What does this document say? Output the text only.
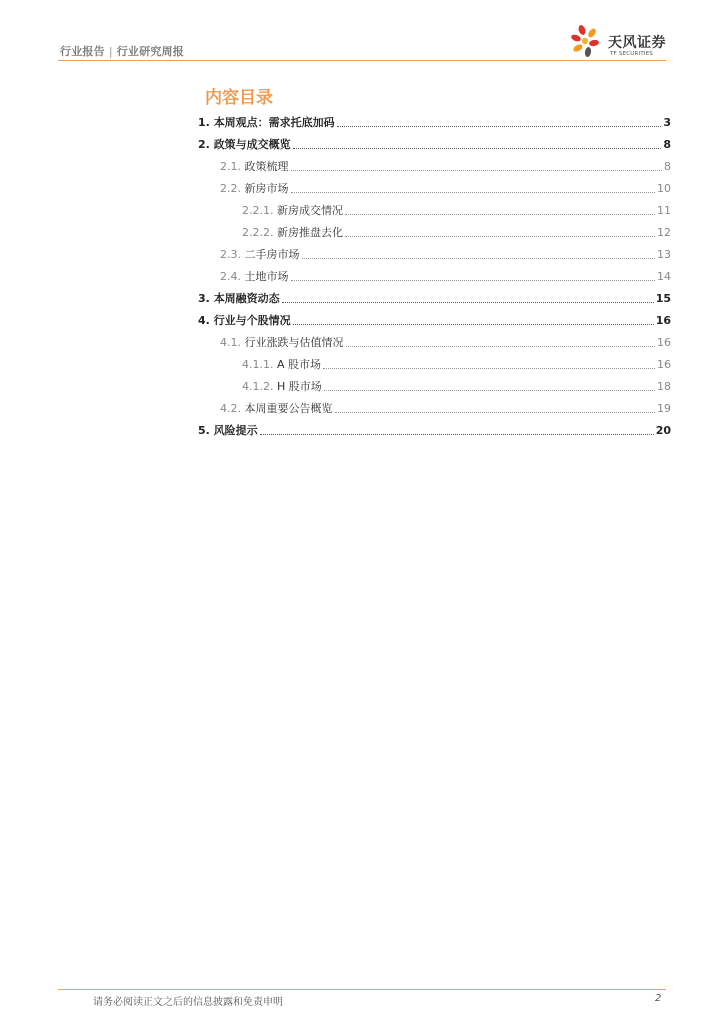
行业报告 | 行业研究周报
天风证券
TF SECURITIES
内容目录
1. 本周观点：需求托底加码	3
2. 政策与成交概览	8
2.1. 政策梳理	8
2.2. 新房市场	10
2.2.1. 新房成交情况	11
2.2.2. 新房推盘去化	12
2.3. 二手房市场	13
2.4. 土地市场	14
3. 本周融资动态	15
4. 行业与个股情况	16
4.1. 行业涨跌与估值情况	16
4.1.1. A 股市场	16
4.1.2. H 股市场	18
4.2. 本周重要公告概览	19
5. 风险提示	20
请务必阅读正文之后的信息披露和免责申明	2
